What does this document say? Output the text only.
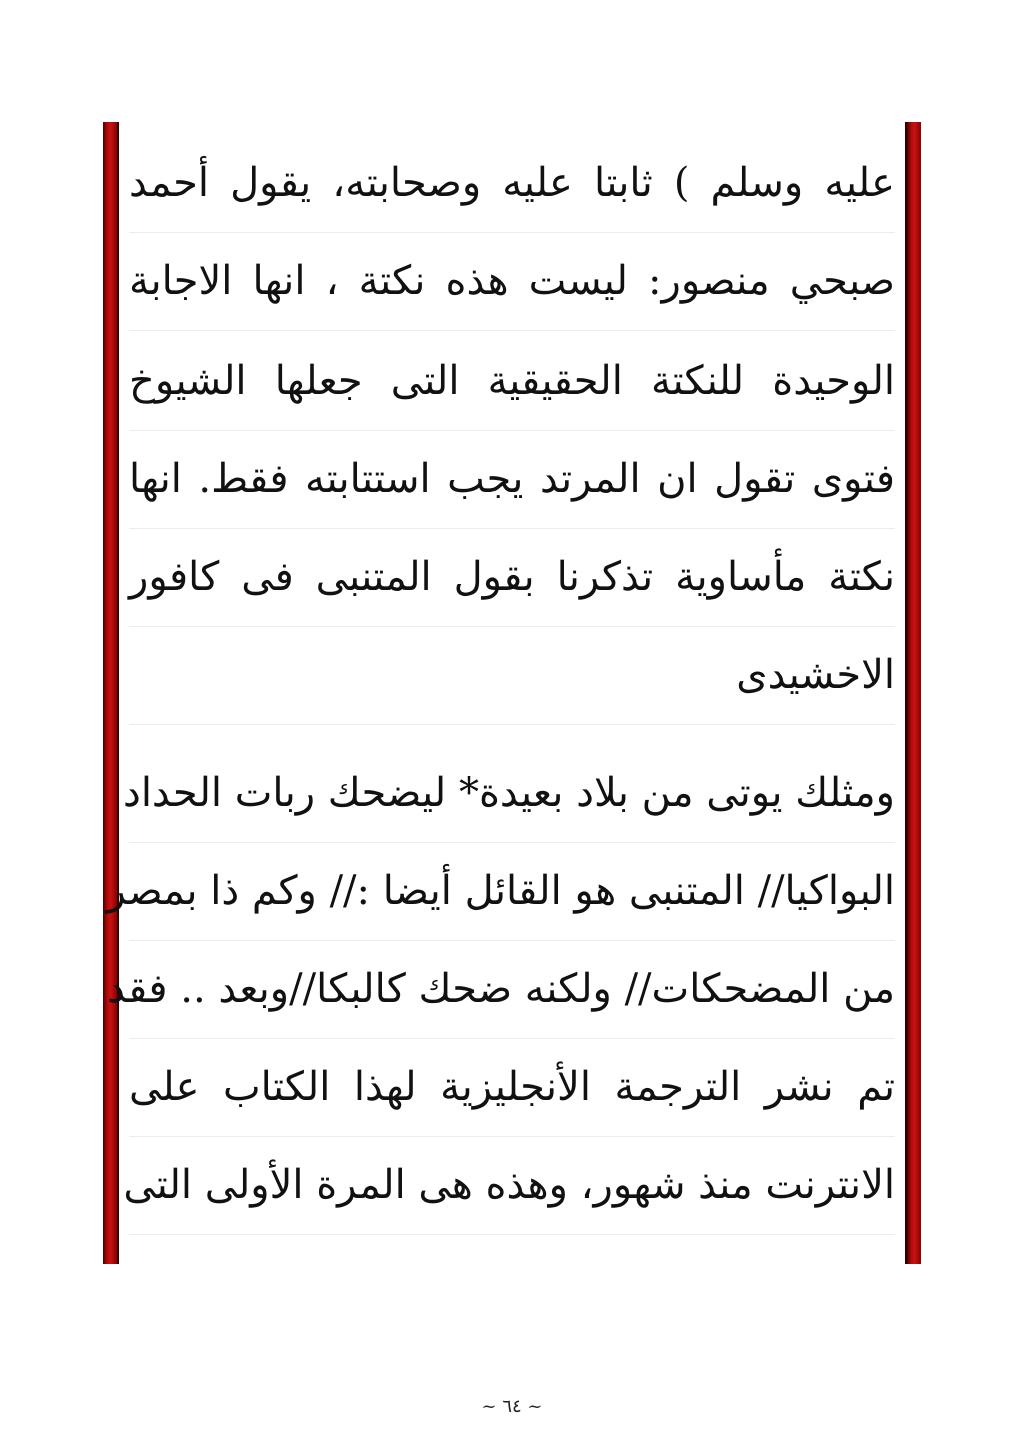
عليه وسلم ) ثابتا عليه وصحابته، يقول أحمد
صبحي منصور: ليست هذه نكتة ، انها الاجابة
الوحيدة للنكتة الحقيقية التى جعلها الشيوخ
فتوى تقول ان المرتد يجب استتابته فقط. انها
نكتة مأساوية تذكرنا بقول المتنبى فى كافور
الاخشيدى
ومثلك يوتى من بلاد بعيدة* ليضحك ربات الحداد
البواكيا// المتنبى هو القائل أيضا :// وكم ذا بمصر
من المضحكات// ولكنه ضحك كالبكا//وبعد .. فقد
تم نشر الترجمة الأنجليزية لهذا الكتاب على
الانترنت منذ شهور، وهذه هى المرة الأولى التى
~ ٦٤ ~
